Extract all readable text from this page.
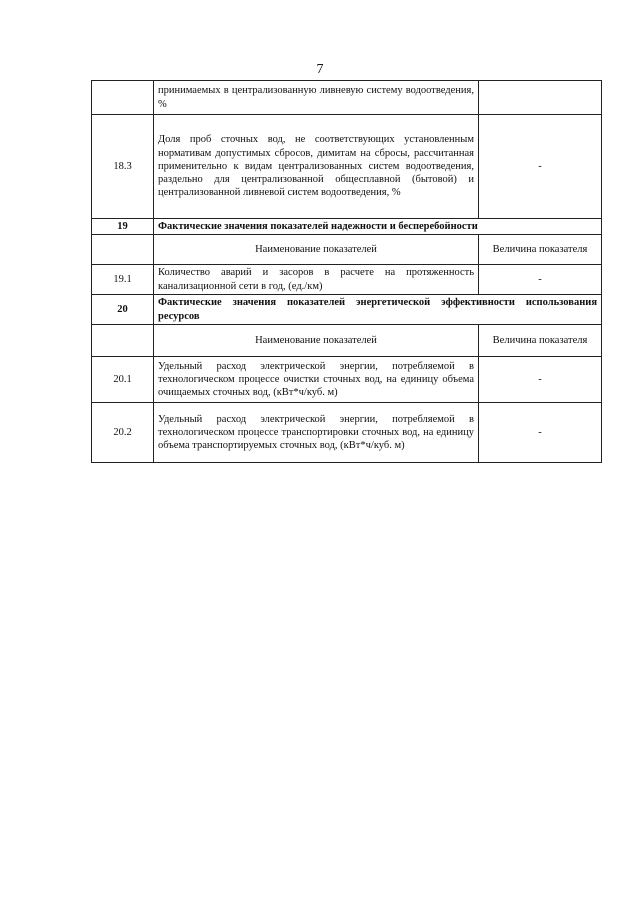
7
	принимаемых в централизованную ливневую систему водоотведения, %	
18.3	Доля проб сточных вод, не соответствующих установленным нормативам допустимых сбросов, димитам на сбросы, рассчитанная применительно к видам централизованных систем водоотведения, раздельно для централизованной общесплавной (бытовой) и централизованной ливневой систем водоотведения, %	-
19	Фактические значения показателей надежности и бесперебойности	
	Наименование показателей	Величина показателя
19.1	Количество аварий и засоров в расчете на протяженность канализационной сети в год, (ед./км)	-
20	Фактические значения показателей энергетической эффективности использования ресурсов	
	Наименование показателей	Величина показателя
20.1	Удельный расход электрической энергии, потребляемой в технологическом процессе очистки сточных вод, на единицу объема очищаемых сточных вод, (кВт*ч/куб. м)	-
20.2	Удельный расход электрической энергии, потребляемой в технологическом процессе транспортировки сточных вод, на единицу объема транспортируемых сточных вод, (кВт*ч/куб. м)	-
